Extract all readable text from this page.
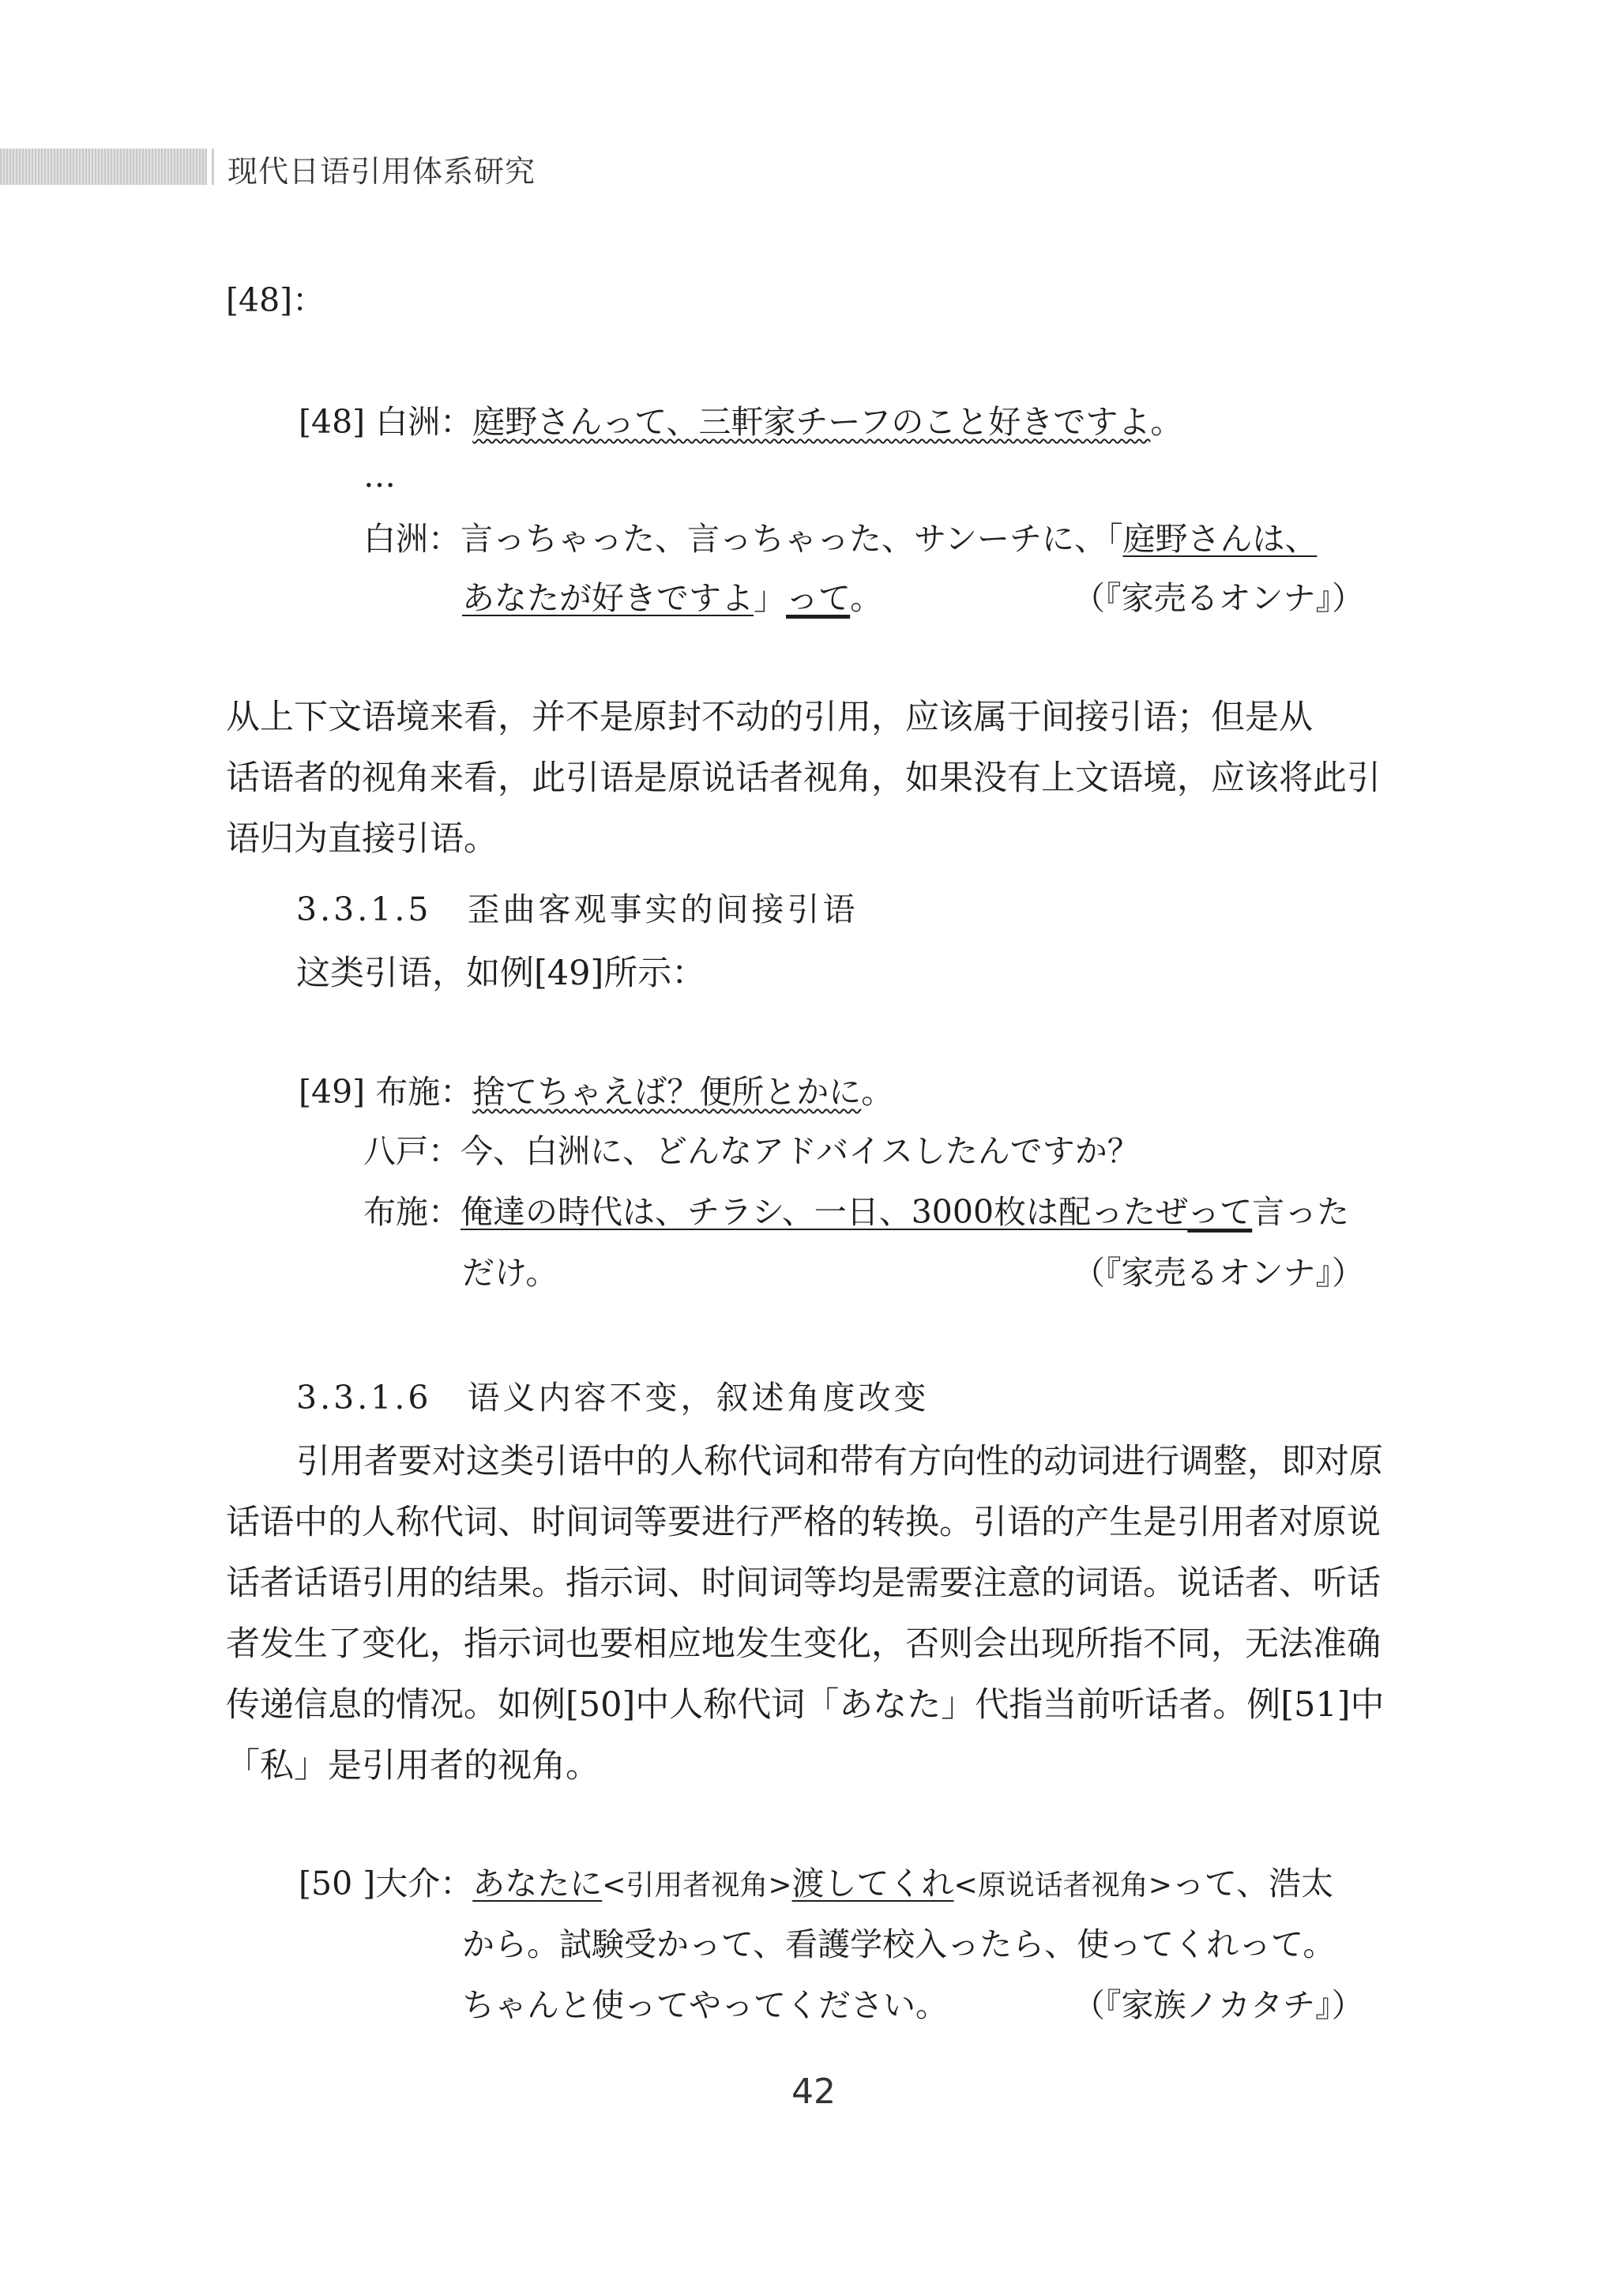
现代日语引用体系研究
[48]：
[48] 白洲：庭野さんって、三軒家チーフのこと好きですよ。
…
白洲：言っちゃった、言っちゃった、サンーチに、「庭野さんは、
あなたが好きですよ」って。	（『家売るオンナ』）
从上下文语境来看，并不是原封不动的引用，应该属于间接引语；但是从
话语者的视角来看，此引语是原说话者视角，如果没有上文语境，应该将此引
语归为直接引语。
3.3.1.5　歪曲客观事实的间接引语
这类引语，如例[49]所示：
[49] 布施：捨てちゃえば？便所とかに。
八戸：今、白洲に、どんなアドバイスしたんですか？
布施：俺達の時代は、チラシ、一日、3000枚は配ったぜって言った
だけ。	（『家売るオンナ』）
3.3.1.6　语义内容不变，叙述角度改变
引用者要对这类引语中的人称代词和带有方向性的动词进行调整，即对原
话语中的人称代词、时间词等要进行严格的转换。引语的产生是引用者对原说
话者话语引用的结果。指示词、时间词等均是需要注意的词语。说话者、听话
者发生了变化，指示词也要相应地发生变化，否则会出现所指不同，无法准确
传递信息的情况。如例[50]中人称代词「あなた」代指当前听话者。例[51]中
「私」是引用者的视角。
[50 ]大介：あなたに<引用者视角>渡してくれ<原说话者视角>って、浩太
から。試験受かって、看護学校入ったら、使ってくれって。
ちゃんと使ってやってください。	（『家族ノカタチ』）
42
